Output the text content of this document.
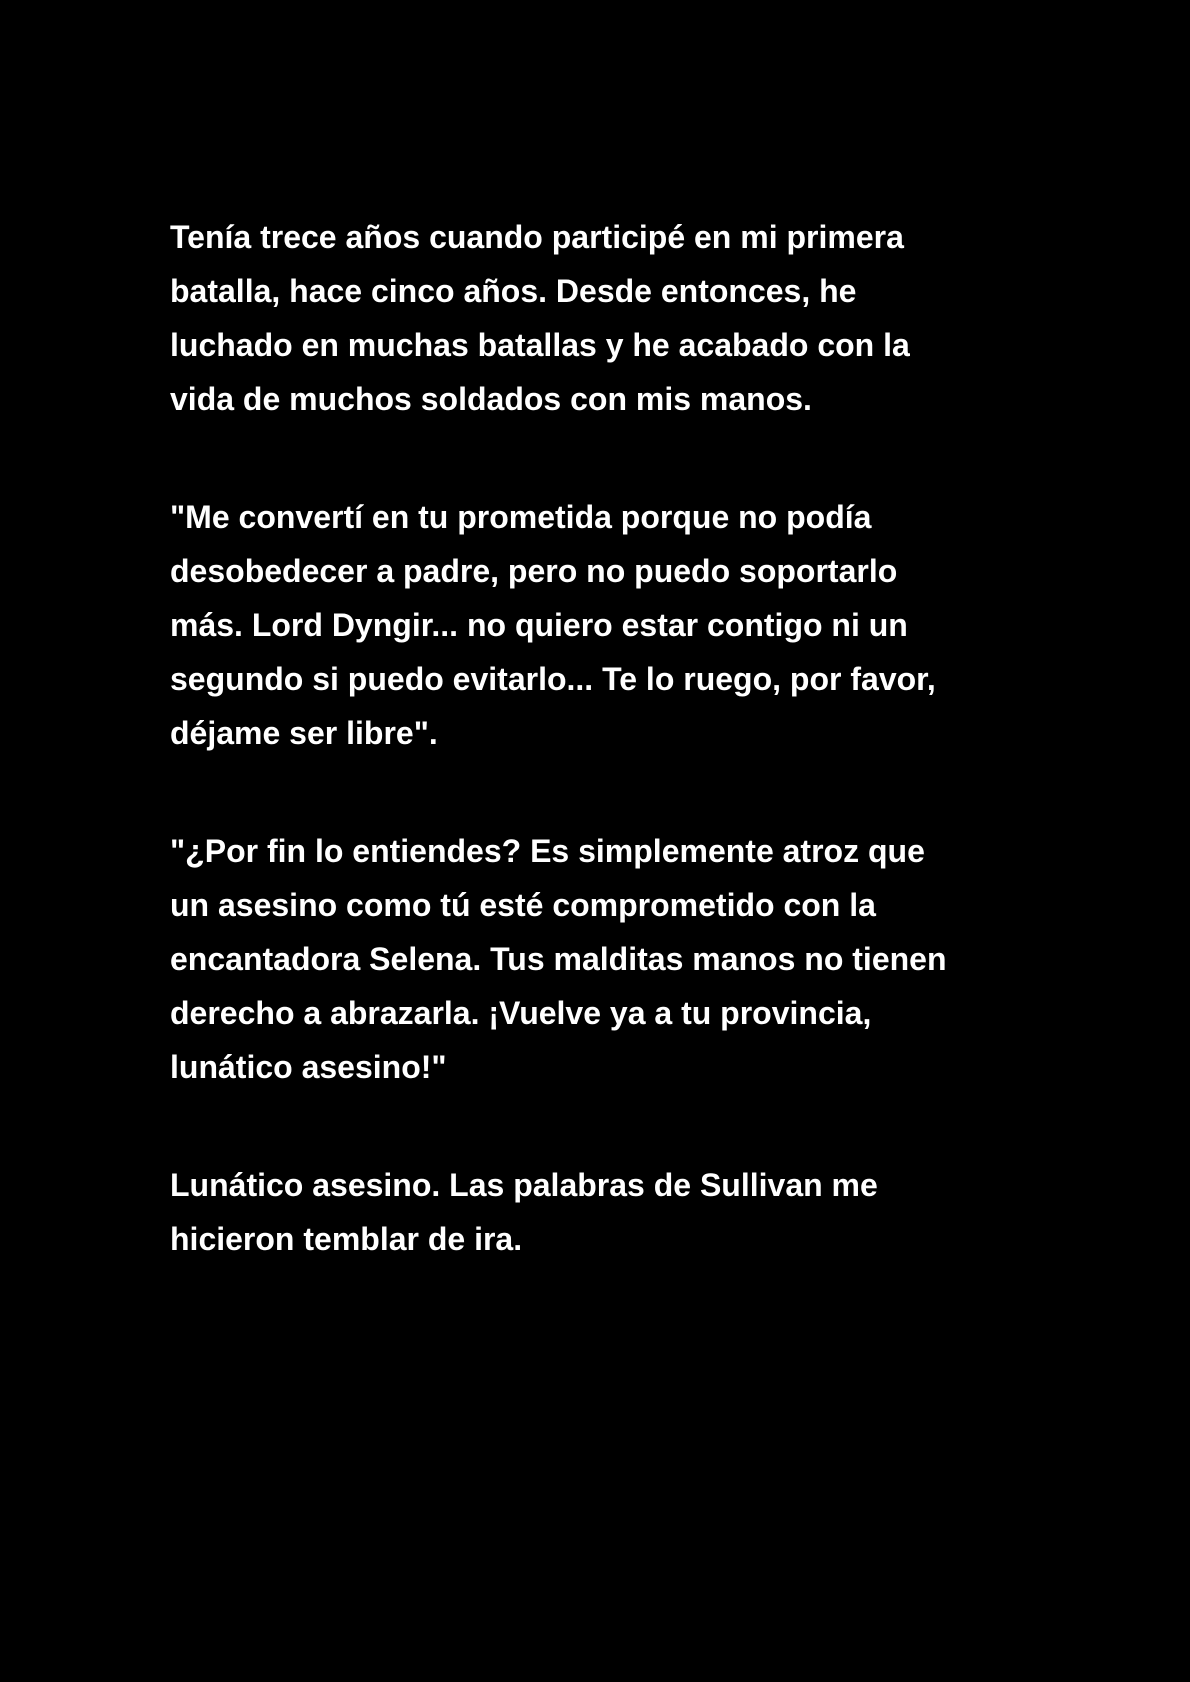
Tenía trece años cuando participé en mi primera
batalla, hace cinco años. Desde entonces, he
luchado en muchas batallas y he acabado con la
vida de muchos soldados con mis manos.

"Me convertí en tu prometida porque no podía
desobedecer a padre, pero no puedo soportarlo
más. Lord Dyngir... no quiero estar contigo ni un
segundo si puedo evitarlo... Te lo ruego, por favor,
déjame ser libre".

"¿Por fin lo entiendes? Es simplemente atroz que
un asesino como tú esté comprometido con la
encantadora Selena. Tus malditas manos no tienen
derecho a abrazarla. ¡Vuelve ya a tu provincia,
lunático asesino!"

Lunático asesino. Las palabras de Sullivan me
hicieron temblar de ira.
